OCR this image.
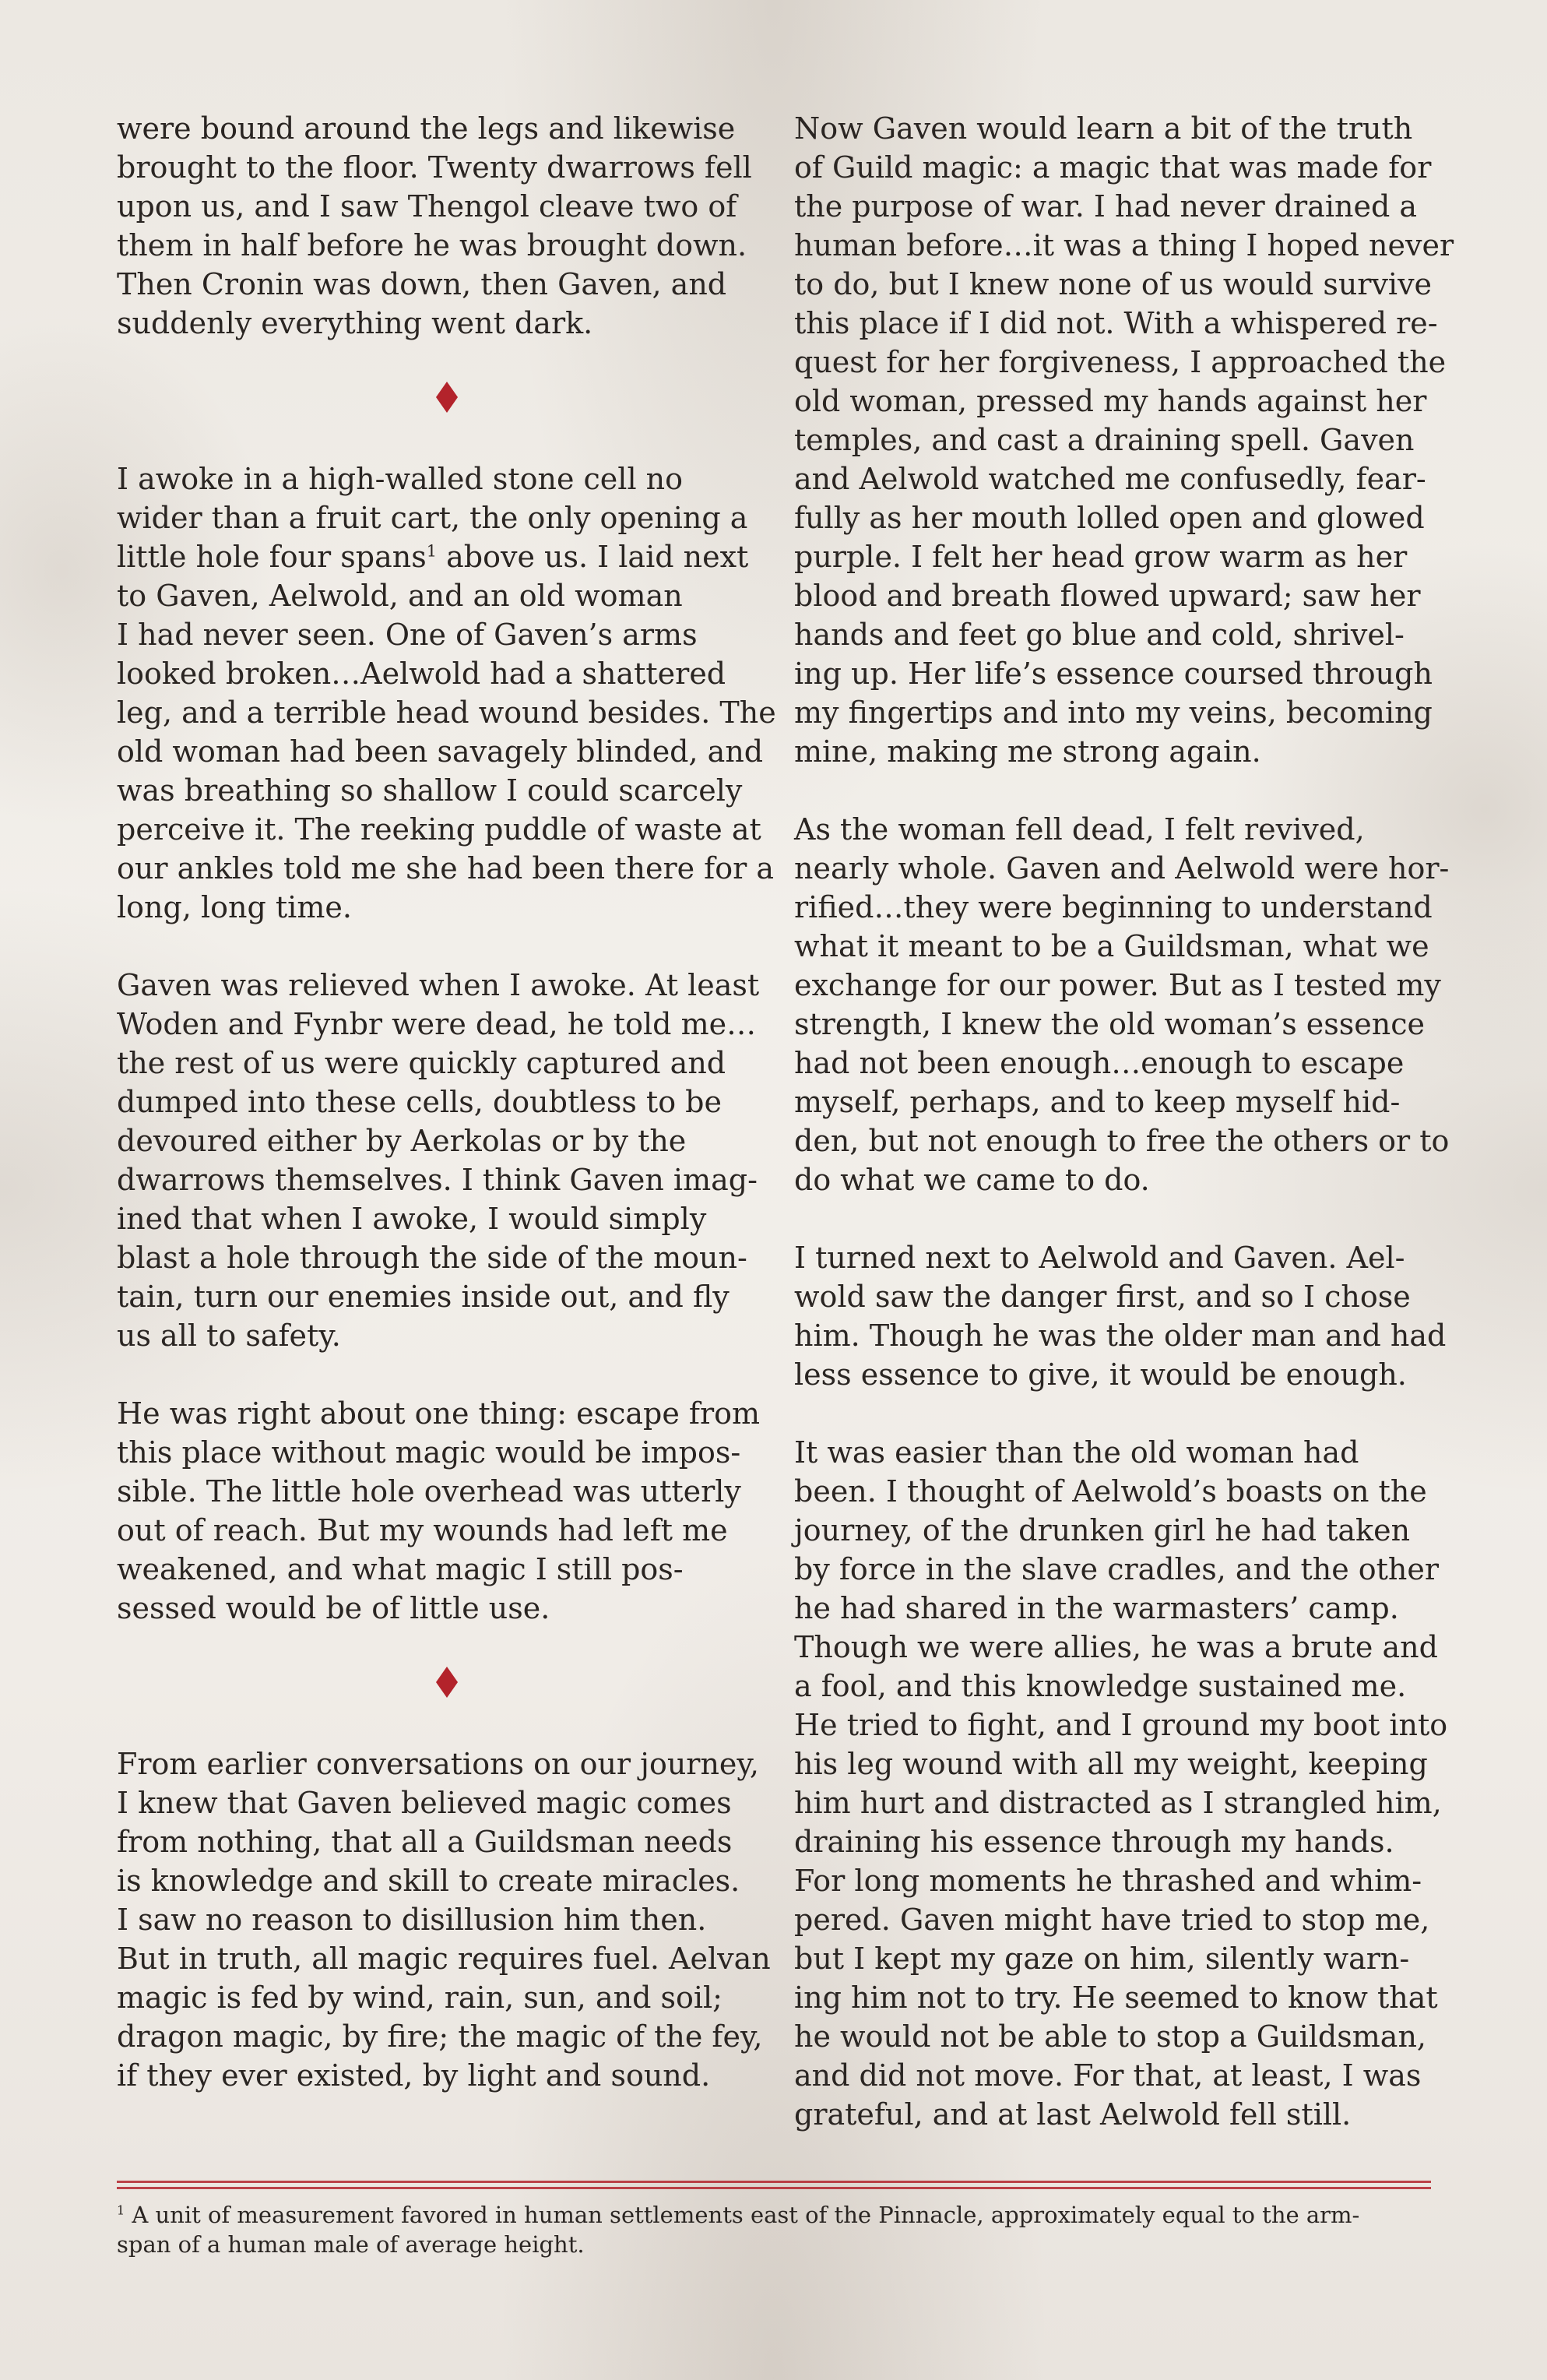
were bound around the legs and likewise
brought to the floor. Twenty dwarrows fell
upon us, and I saw Thengol cleave two of
them in half before he was brought down.
Then Cronin was down, then Gaven, and
suddenly everything went dark.

I awoke in a high-walled stone cell no
wider than a fruit cart, the only opening a
little hole four spans$^1$ above us. I laid next
to Gaven, Aelwold, and an old woman
I had never seen. One of Gaven’s arms
looked broken…Aelwold had a shattered
leg, and a terrible head wound besides. The
old woman had been savagely blinded, and
was breathing so shallow I could scarcely
perceive it. The reeking puddle of waste at
our ankles told me she had been there for a
long, long time.

Gaven was relieved when I awoke. At least
Woden and Fynbr were dead, he told me…
the rest of us were quickly captured and
dumped into these cells, doubtless to be
devoured either by Aerkolas or by the
dwarrows themselves. I think Gaven imag-
ined that when I awoke, I would simply
blast a hole through the side of the moun-
tain, turn our enemies inside out, and fly
us all to safety.

He was right about one thing: escape from
this place without magic would be impos-
sible. The little hole overhead was utterly
out of reach. But my wounds had left me
weakened, and what magic I still pos-
sessed would be of little use.

From earlier conversations on our journey,
I knew that Gaven believed magic comes
from nothing, that all a Guildsman needs
is knowledge and skill to create miracles.
I saw no reason to disillusion him then.
But in truth, all magic requires fuel. Aelvan
magic is fed by wind, rain, sun, and soil;
dragon magic, by fire; the magic of the fey,
if they ever existed, by light and sound.

Now Gaven would learn a bit of the truth
of Guild magic: a magic that was made for
the purpose of war. I had never drained a
human before…it was a thing I hoped never
to do, but I knew none of us would survive
this place if I did not. With a whispered re-
quest for her forgiveness, I approached the
old woman, pressed my hands against her
temples, and cast a draining spell. Gaven
and Aelwold watched me confusedly, fear-
fully as her mouth lolled open and glowed
purple. I felt her head grow warm as her
blood and breath flowed upward; saw her
hands and feet go blue and cold, shrivel-
ing up. Her life’s essence coursed through
my fingertips and into my veins, becoming
mine, making me strong again.

As the woman fell dead, I felt revived,
nearly whole. Gaven and Aelwold were hor-
rified…they were beginning to understand
what it meant to be a Guildsman, what we
exchange for our power. But as I tested my
strength, I knew the old woman’s essence
had not been enough…enough to escape
myself, perhaps, and to keep myself hid-
den, but not enough to free the others or to
do what we came to do.

I turned next to Aelwold and Gaven. Ael-
wold saw the danger first, and so I chose
him. Though he was the older man and had
less essence to give, it would be enough.

It was easier than the old woman had
been. I thought of Aelwold’s boasts on the
journey, of the drunken girl he had taken
by force in the slave cradles, and the other
he had shared in the warmasters’ camp.
Though we were allies, he was a brute and
a fool, and this knowledge sustained me.
He tried to fight, and I ground my boot into
his leg wound with all my weight, keeping
him hurt and distracted as I strangled him,
draining his essence through my hands.
For long moments he thrashed and whim-
pered. Gaven might have tried to stop me,
but I kept my gaze on him, silently warn-
ing him not to try. He seemed to know that
he would not be able to stop a Guildsman,
and did not move. For that, at least, I was
grateful, and at last Aelwold fell still.

$^1$ A unit of measurement favored in human settlements east of the Pinnacle, approximately equal to the arm-
span of a human male of average height.
